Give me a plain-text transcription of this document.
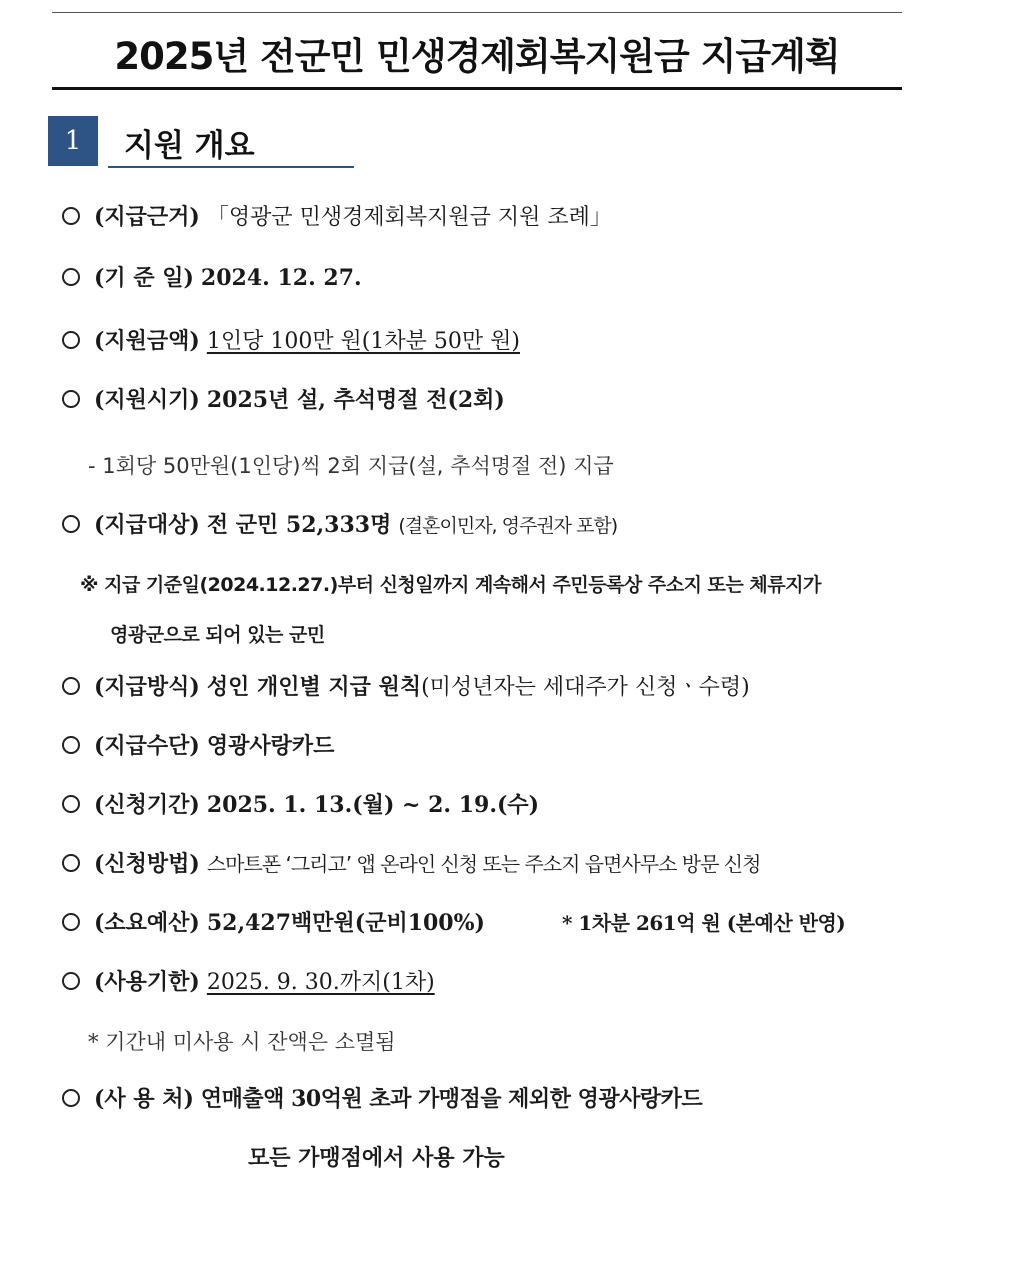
2025년 전군민 민생경제회복지원금 지급계획
1	지원 개요
(지급근거) 「영광군 민생경제회복지원금 지원 조례」
(기 준 일) 2024. 12. 27.
(지원금액) 1인당 100만 원(1차분 50만 원)
(지원시기) 2025년 설, 추석명절 전(2회)
- 1회당 50만원(1인당)씩 2회 지급(설, 추석명절 전) 지급
(지급대상) 전 군민 52,333명 (결혼이민자, 영주권자 포함)
※ 지급 기준일(2024.12.27.)부터 신청일까지 계속해서 주민등록상 주소지 또는 체류지가
영광군으로 되어 있는 군민
(지급방식) 성인 개인별 지급 원칙(미성년자는 세대주가 신청ㆍ수령)
(지급수단) 영광사랑카드
(신청기간) 2025. 1. 13.(월) ~ 2. 19.(수)
(신청방법) 스마트폰 ‘그리고’ 앱 온라인 신청 또는 주소지 읍면사무소 방문 신청
(소요예산) 52,427백만원(군비100%)	* 1차분 261억 원 (본예산 반영)
(사용기한) 2025. 9. 30.까지(1차)
* 기간내 미사용 시 잔액은 소멸됨
(사 용 처) 연매출액 30억원 초과 가맹점을 제외한 영광사랑카드
모든 가맹점에서 사용 가능
